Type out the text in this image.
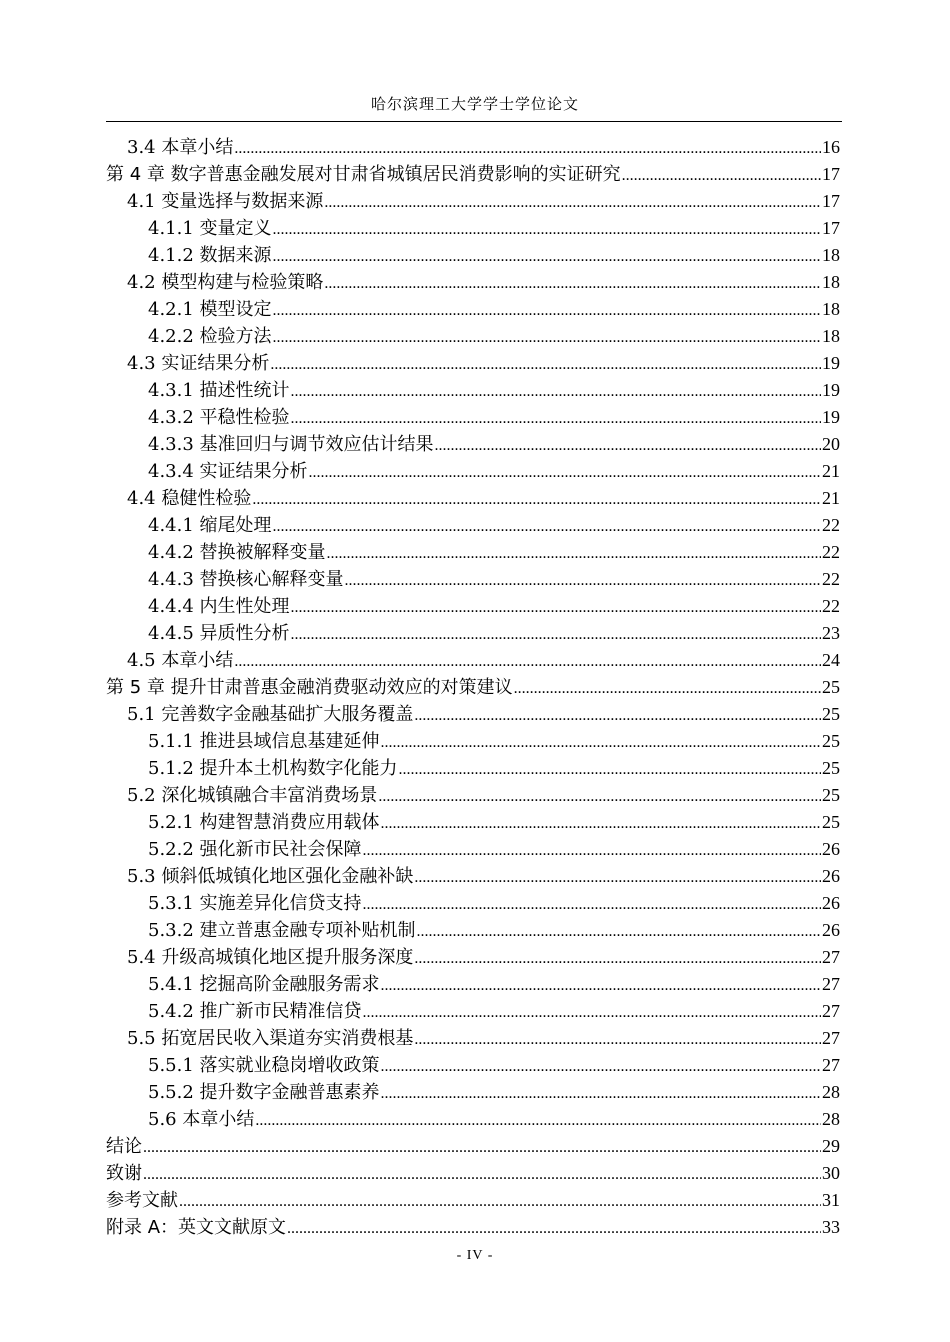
哈尔滨理工大学学士学位论文
3.4 本章小结 .....	16
第 4 章 数字普惠金融发展对甘肃省城镇居民消费影响的实证研究 .....	17
4.1 变量选择与数据来源 .....	17
4.1.1 变量定义 .....	17
4.1.2 数据来源 .....	18
4.2 模型构建与检验策略 .....	18
4.2.1 模型设定 .....	18
4.2.2 检验方法 .....	18
4.3 实证结果分析 .....	19
4.3.1 描述性统计 .....	19
4.3.2 平稳性检验 .....	19
4.3.3 基准回归与调节效应估计结果 .....	20
4.3.4 实证结果分析 .....	21
4.4 稳健性检验 .....	21
4.4.1 缩尾处理 .....	22
4.4.2 替换被解释变量 .....	22
4.4.3 替换核心解释变量 .....	22
4.4.4 内生性处理 .....	22
4.4.5 异质性分析 .....	23
4.5 本章小结 .....	24
第 5 章 提升甘肃普惠金融消费驱动效应的对策建议 .....	25
5.1 完善数字金融基础扩大服务覆盖 .....	25
5.1.1 推进县域信息基建延伸 .....	25
5.1.2 提升本土机构数字化能力 .....	25
5.2 深化城镇融合丰富消费场景 .....	25
5.2.1 构建智慧消费应用载体 .....	25
5.2.2 强化新市民社会保障 .....	26
5.3 倾斜低城镇化地区强化金融补缺 .....	26
5.3.1 实施差异化信贷支持 .....	26
5.3.2 建立普惠金融专项补贴机制 .....	26
5.4 升级高城镇化地区提升服务深度 .....	27
5.4.1 挖掘高阶金融服务需求 .....	27
5.4.2 推广新市民精准信贷 .....	27
5.5 拓宽居民收入渠道夯实消费根基 .....	27
5.5.1 落实就业稳岗增收政策 .....	27
5.5.2 提升数字金融普惠素养 .....	28
5.6 本章小结 .....	28
结论 .....	29
致谢 .....	30
参考文献 .....	31
附录 A：英文文献原文 .....	33
- IV -
